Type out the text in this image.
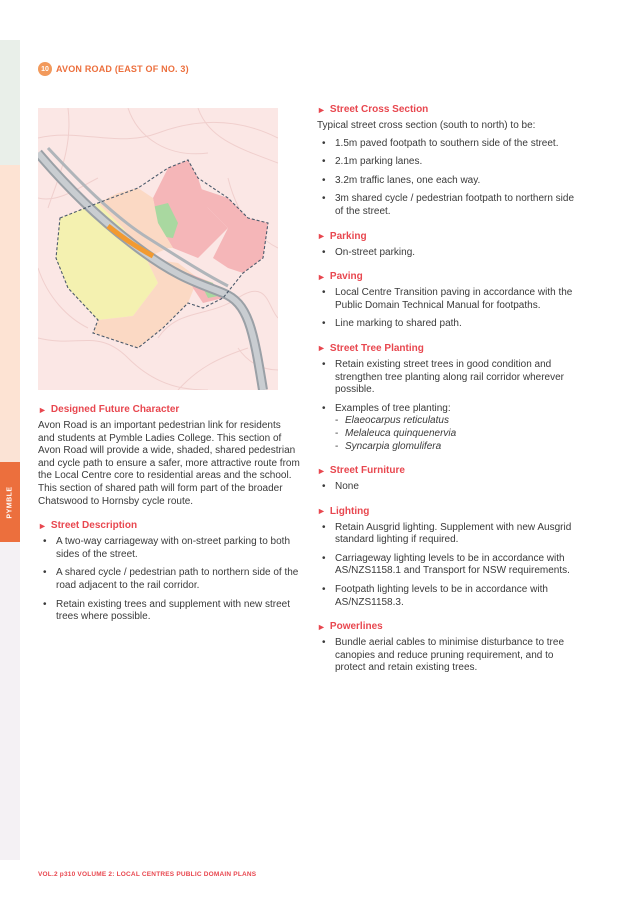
PYMBLE
10 AVON ROAD (EAST OF NO. 3)
► Designed Future Character

Avon Road is an important pedestrian link for residents and students at Pymble Ladies College. This section of Avon Road will provide a wide, shaded, shared pedestrian and cycle path to ensure a safer, more attractive route from the Local Centre core to residential areas and the school. This section of shared path will form part of the broader Chatswood to Hornsby cycle route.

► Street Description
• A two-way carriageway with on-street parking to both sides of the street.
• A shared cycle / pedestrian path to northern side of the road adjacent to the rail corridor.
• Retain existing trees and supplement with new street trees where possible.
► Street Cross Section

Typical street cross section (south to north) to be:

• 1.5m paved footpath to southern side of the street.
• 2.1m parking lanes.
• 3.2m traffic lanes, one each way.
• 3m shared cycle / pedestrian footpath to northern side of the street.
► Parking
• On-street parking.
► Paving
• Local Centre Transition paving in accordance with the Public Domain Technical Manual for footpaths.
• Line marking to shared path.
► Street Tree Planting
• Retain existing street trees in good condition and strengthen tree planting along rail corridor wherever possible.
• Examples of tree planting:
- Elaeocarpus reticulatus
- Melaleuca quinquenervia
- Syncarpia glomulifera
► Street Furniture
• None
► Lighting
• Retain Ausgrid lighting. Supplement with new Ausgrid standard lighting if required.
• Carriageway lighting levels to be in accordance with AS/NZS1158.1 and Transport for NSW requirements.
• Footpath lighting levels to be in accordance with AS/NZS1158.3.
► Powerlines
• Bundle aerial cables to minimise disturbance to tree canopies and reduce pruning requirement, and to protect and retain existing trees.
VOL.2 p310 VOLUME 2: LOCAL CENTRES PUBLIC DOMAIN PLANS
